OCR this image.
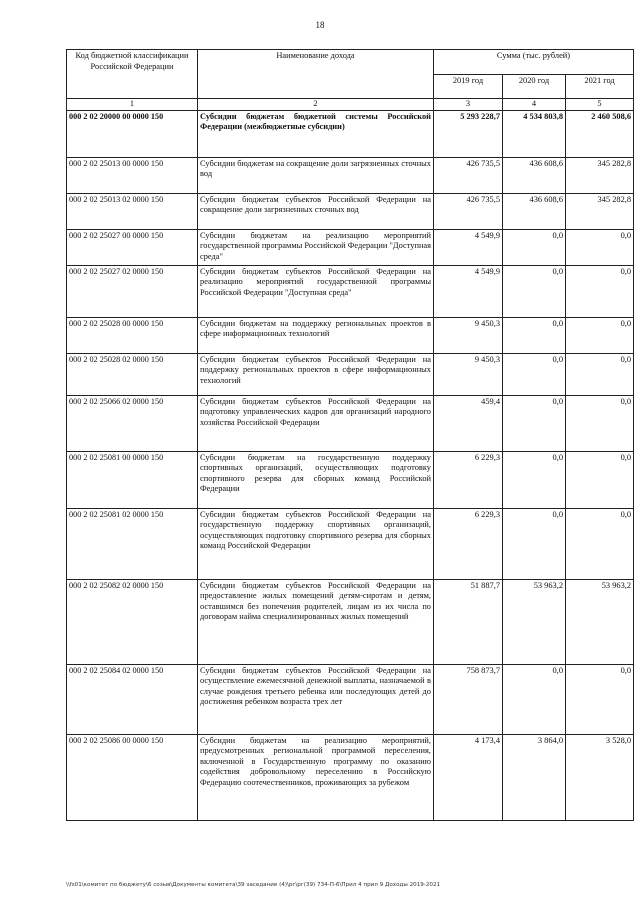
18
Код бюджетной классификации Российской Федерации	Наименование дохода	Сумма (тыс. рублей)		
		2019 год	2020 год	2021 год
1	2	3	4	5
000 2 02 20000 00 0000 150	Субсидии бюджетам бюджетной системы Российской Федерации (межбюджетные субсидии)	5 293 228,7	4 534 803,8	2 460 508,6
000 2 02 25013 00 0000 150	Субсидии бюджетам на сокращение доли загрязненных сточных вод	426 735,5	436 608,6	345 282,8
000 2 02 25013 02 0000 150	Субсидии бюджетам субъектов Российской Федерации на сокращение доли загрязненных сточных вод	426 735,5	436 608,6	345 282,8
000 2 02 25027 00 0000 150	Субсидии бюджетам на реализацию мероприятий государственной программы Российской Федерации "Доступная среда"	4 549,9	0,0	0,0
000 2 02 25027 02 0000 150	Субсидии бюджетам субъектов Российской Федерации на реализацию мероприятий государственной программы Российской Федерации "Доступная среда"	4 549,9	0,0	0,0
000 2 02 25028 00 0000 150	Субсидии бюджетам на поддержку региональных проектов в сфере информационных технологий	9 450,3	0,0	0,0
000 2 02 25028 02 0000 150	Субсидии бюджетам субъектов Российской Федерации на поддержку региональных проектов в сфере информационных технологий	9 450,3	0,0	0,0
000 2 02 25066 02 0000 150	Субсидии бюджетам субъектов Российской Федерации на подготовку управленческих кадров для организаций народного хозяйства Российской Федерации	459,4	0,0	0,0
000 2 02 25081 00 0000 150	Субсидии бюджетам на государственную поддержку спортивных организаций, осуществляющих подготовку спортивного резерва для сборных команд Российской Федерации	6 229,3	0,0	0,0
000 2 02 25081 02 0000 150	Субсидии бюджетам субъектов Российской Федерации на государственную поддержку спортивных организаций, осуществляющих подготовку спортивного резерва для сборных команд Российской Федерации	6 229,3	0,0	0,0
000 2 02 25082 02 0000 150	Субсидии бюджетам субъектов Российской Федерации на предоставление жилых помещений детям-сиротам и детям, оставшимся без попечения родителей, лицам из их числа по договорам найма специализированных жилых помещений	51 887,7	53 963,2	53 963,2
000 2 02 25084 02 0000 150	Субсидии бюджетам субъектов Российской Федерации на осуществление ежемесячной денежной выплаты, назначаемой в случае рождения третьего ребенка или последующих детей до достижения ребенком возраста трех лет	758 873,7	0,0	0,0
000 2 02 25086 00 0000 150	Субсидии бюджетам на реализацию мероприятий, предусмотренных региональной программой переселения, включенной в Государственную программу по оказанию содействия добровольному переселению в Российскую Федерацию соотечественников, проживающих за рубежом	4 173,4	3 864,0	3 528,0
\\fs01\комитет по бюджету\6 созыв\Документы комитета\39 заседание (4)\рг\рг(39) 734-П-6\Прил 4 прил 9 Доходы 2019-2021
